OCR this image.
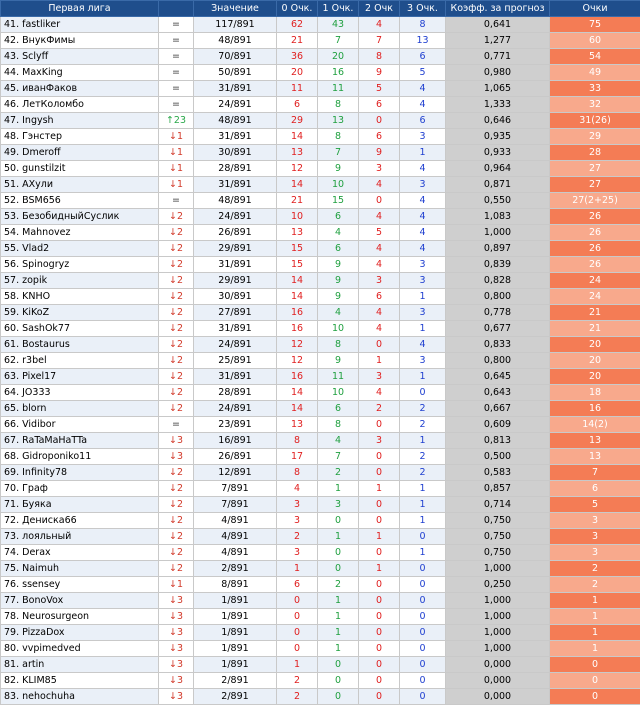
Первая лига		Значение	0 Очк.	1 Очк.	2 Очк	3 Очк.	Коэфф. за прогноз	Очки
41. fastliker	=	117/891	62	43	4	8	0,641	75
42. ВнукФимы	=	48/891	21	7	7	13	1,277	60
43. Sclyff	=	70/891	36	20	8	6	0,771	54
44. MaxKing	=	50/891	20	16	9	5	0,980	49
45. иванФаков	=	31/891	11	11	5	4	1,065	33
46. ЛетКоломбо	=	24/891	6	8	6	4	1,333	32
47. Ingysh	↑23	48/891	29	13	0	6	0,646	31(26)
48. Гэнстер	↓1	31/891	14	8	6	3	0,935	29
49. Dmeroff	↓1	30/891	13	7	9	1	0,933	28
50. gunstilzit	↓1	28/891	12	9	3	4	0,964	27
51. АХули	↓1	31/891	14	10	4	3	0,871	27
52. BSM656	=	48/891	21	15	0	4	0,550	27(2+25)
53. БезобидныйСуслик	↓2	24/891	10	6	4	4	1,083	26
54. Mahnovez	↓2	26/891	13	4	5	4	1,000	26
55. Vlad2	↓2	29/891	15	6	4	4	0,897	26
56. Spinogryz	↓2	31/891	15	9	4	3	0,839	26
57. zopik	↓2	29/891	14	9	3	3	0,828	24
58. KNHO	↓2	30/891	14	9	6	1	0,800	24
59. KiKoZ	↓2	27/891	16	4	4	3	0,778	21
60. SashOk77	↓2	31/891	16	10	4	1	0,677	21
61. Bostaurus	↓2	24/891	12	8	0	4	0,833	20
62. r3bel	↓2	25/891	12	9	1	3	0,800	20
63. Pixel17	↓2	31/891	16	11	3	1	0,645	20
64. JO333	↓2	28/891	14	10	4	0	0,643	18
65. blorn	↓2	24/891	14	6	2	2	0,667	16
66. Vidibor	=	23/891	13	8	0	2	0,609	14(2)
67. RaTaMaHaTTa	↓3	16/891	8	4	3	1	0,813	13
68. Gidroponiko11	↓3	26/891	17	7	0	2	0,500	13
69. Infinity78	↓2	12/891	8	2	0	2	0,583	7
70. Граф	↓2	7/891	4	1	1	1	0,857	6
71. Буяка	↓2	7/891	3	3	0	1	0,714	5
72. Дениска66	↓2	4/891	3	0	0	1	0,750	3
73. лояльный	↓2	4/891	2	1	1	0	0,750	3
74. Derax	↓2	4/891	3	0	0	1	0,750	3
75. Naimuh	↓2	2/891	1	0	1	0	1,000	2
76. ssensey	↓1	8/891	6	2	0	0	0,250	2
77. BonoVox	↓3	1/891	0	1	0	0	1,000	1
78. Neurosurgeon	↓3	1/891	0	1	0	0	1,000	1
79. PizzaDox	↓3	1/891	0	1	0	0	1,000	1
80. vvpimedved	↓3	1/891	0	1	0	0	1,000	1
81. artin	↓3	1/891	1	0	0	0	0,000	0
82. KLIM85	↓3	2/891	2	0	0	0	0,000	0
83. nehochuha	↓3	2/891	2	0	0	0	0,000	0
